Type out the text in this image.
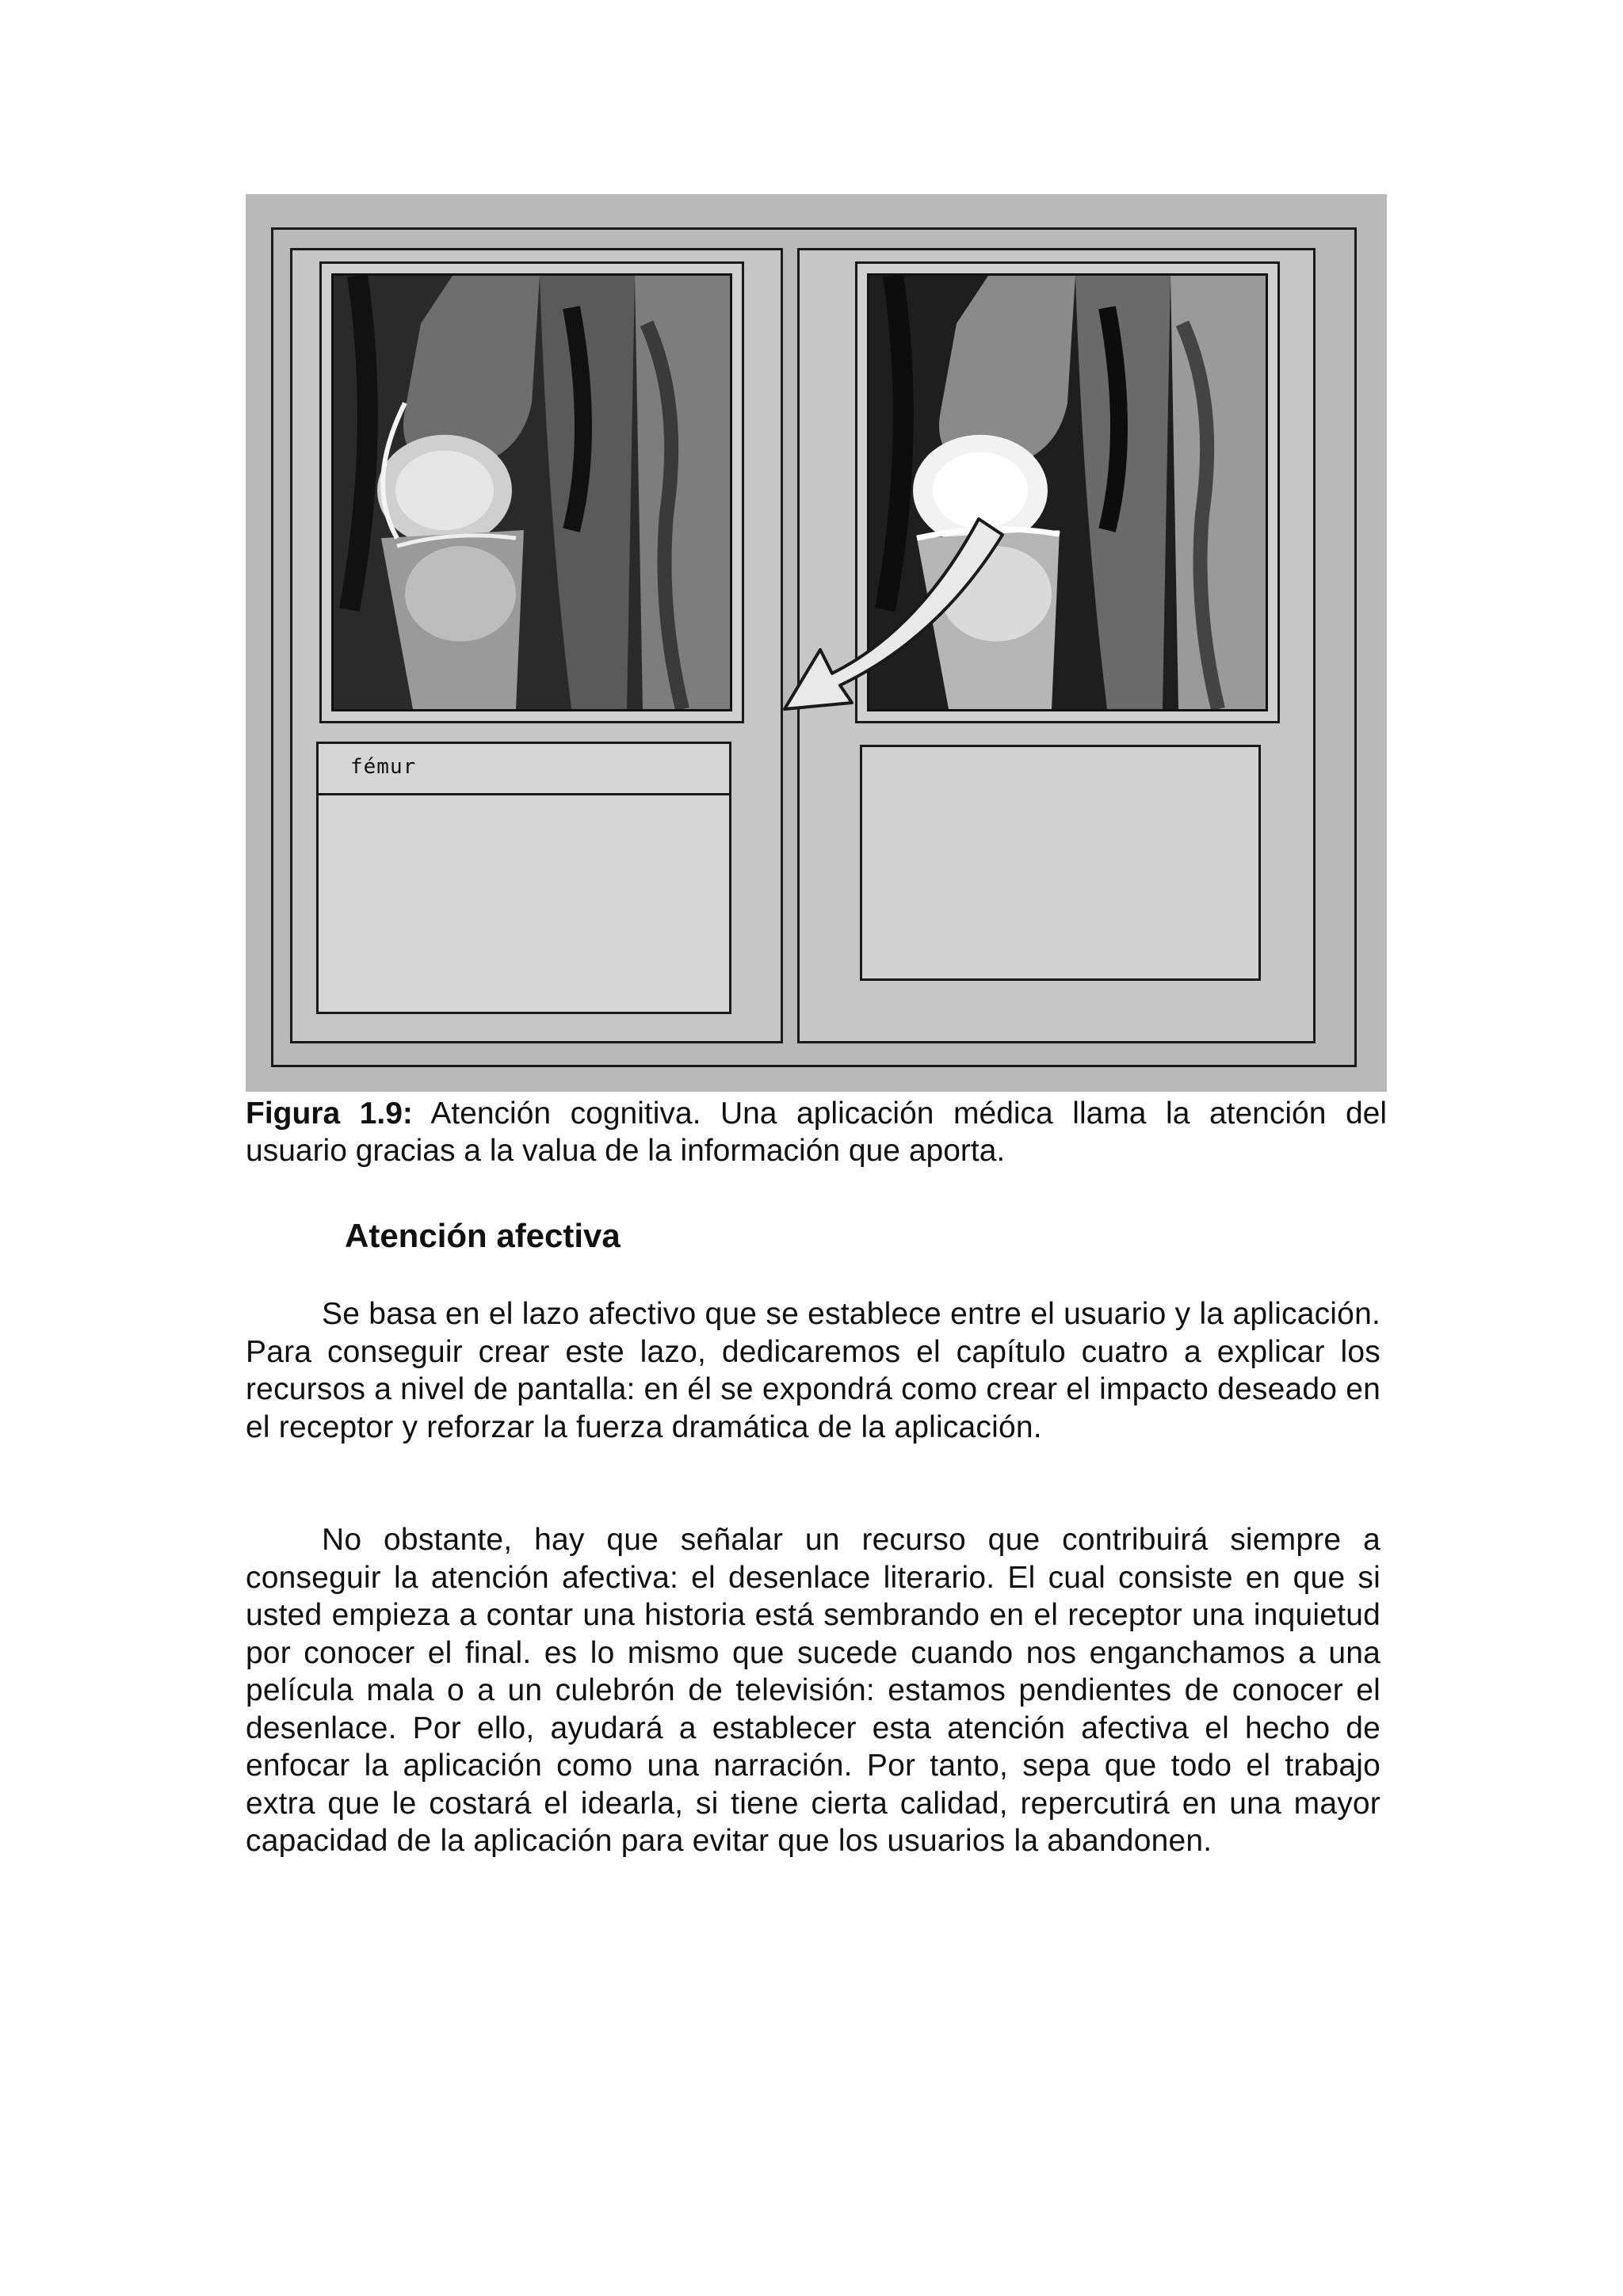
fémur
Figura 1.9: Atención cognitiva. Una aplicación médica llama la atención del usuario gracias a la valua de la información que aporta.
Atención afectiva

Se basa en el lazo afectivo que se establece entre el usuario y la aplicación. Para conseguir crear este lazo, dedicaremos el capítulo cuatro a explicar los recursos a nivel de pantalla: en él se expondrá como crear el impacto deseado en el receptor y reforzar la fuerza dramática de la aplicación.

No obstante, hay que señalar un recurso que contribuirá siempre a conseguir la atención afectiva: el desenlace literario. El cual consiste en que si usted empieza a contar una historia está sembrando en el receptor una inquietud por conocer el final. es lo mismo que sucede cuando nos enganchamos a una película mala o a un culebrón de televisión: estamos pendientes de conocer el desenlace. Por ello, ayudará a establecer esta atención afectiva el hecho de enfocar la aplicación como una narración. Por tanto, sepa que todo el trabajo extra que le costará el idearla, si tiene cierta calidad, repercutirá en una mayor capacidad de la aplicación para evitar que los usuarios la abandonen.
